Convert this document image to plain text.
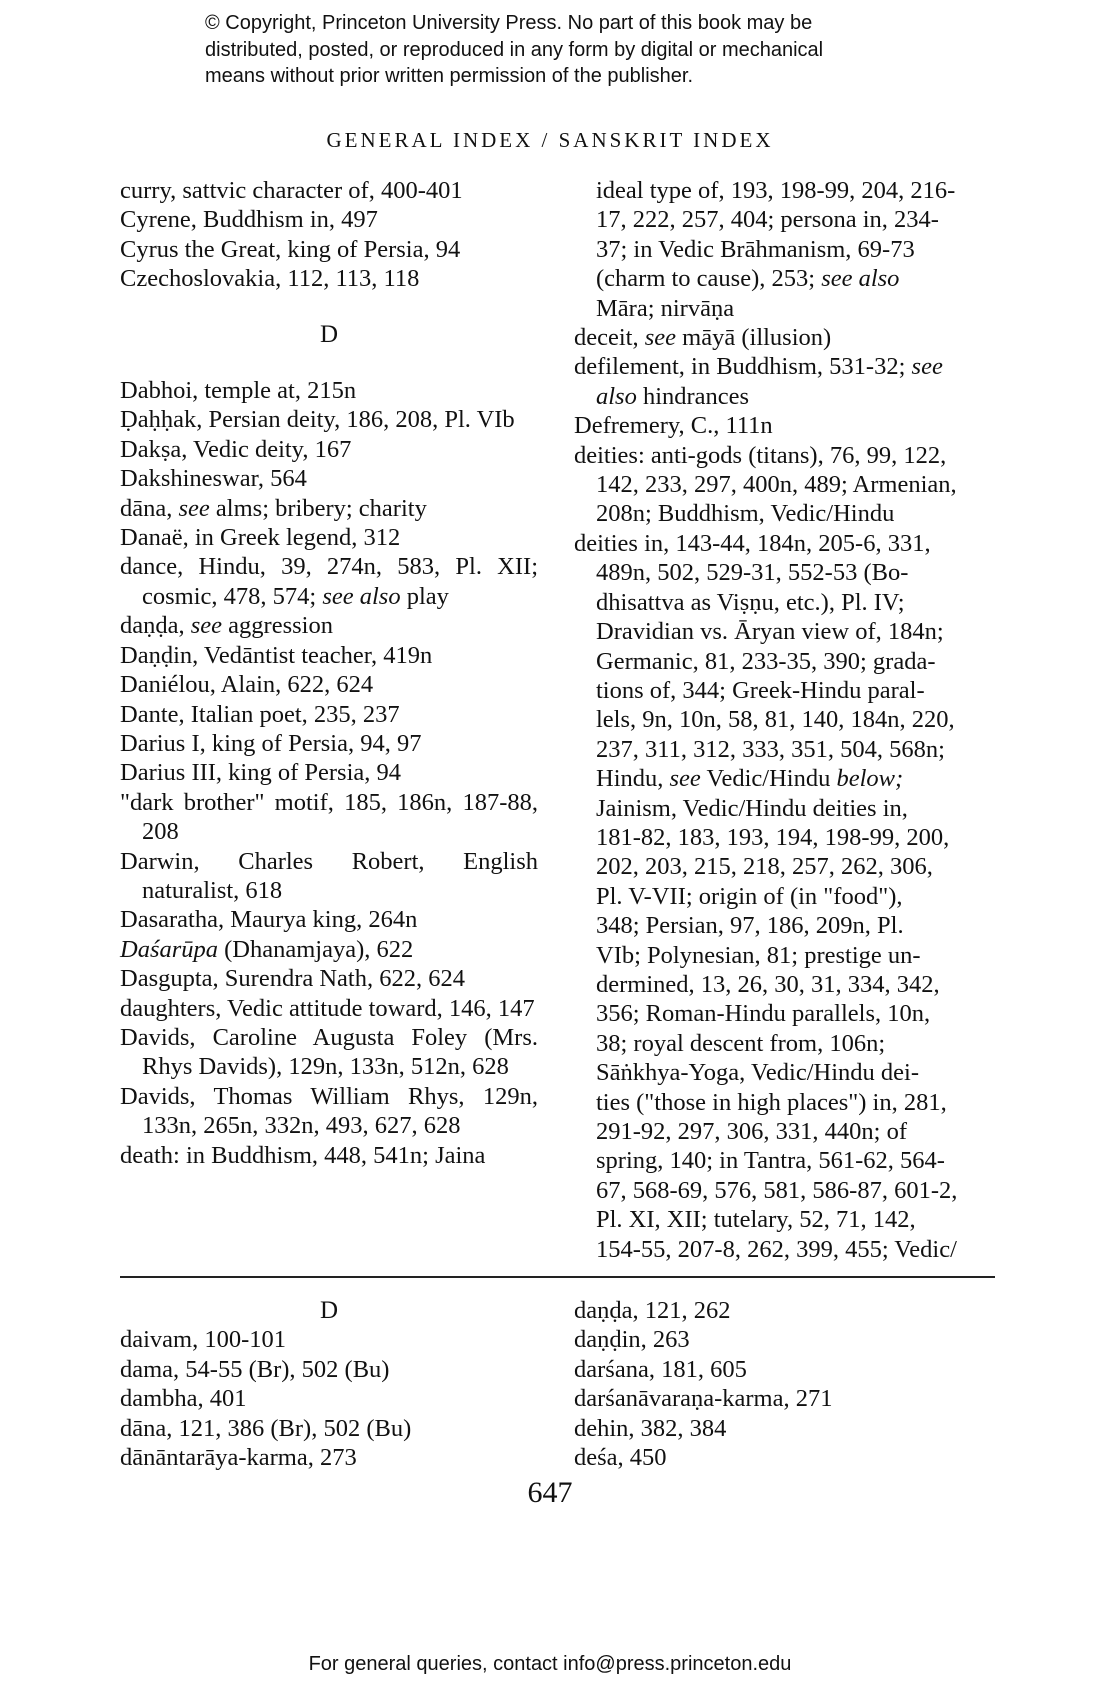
© Copyright, Princeton University Press. No part of this book may be
distributed, posted, or reproduced in any form by digital or mechanical
means without prior written permission of the publisher.
GENERAL INDEX / SANSKRIT INDEX
curry, sattvic character of, 400-401
Cyrene, Buddhism in, 497
Cyrus the Great, king of Persia, 94
Czechoslovakia, 112, 113, 118
D
Dabhoi, temple at, 215n
Ḍaḥḥak, Persian deity, 186, 208, Pl. VIb
Dakṣa, Vedic deity, 167
Dakshineswar, 564
dāna, see alms; bribery; charity
Danaë, in Greek legend, 312
dance, Hindu, 39, 274n, 583, Pl. XII; cosmic, 478, 574; see also play
daṇḍa, see aggression
Daṇḍin, Vedāntist teacher, 419n
Daniélou, Alain, 622, 624
Dante, Italian poet, 235, 237
Darius I, king of Persia, 94, 97
Darius III, king of Persia, 94
"dark brother" motif, 185, 186n, 187-88, 208
Darwin, Charles Robert, English naturalist, 618
Dasaratha, Maurya king, 264n
Daśarūpa (Dhanamjaya), 622
Dasgupta, Surendra Nath, 622, 624
daughters, Vedic attitude toward, 146, 147
Davids, Caroline Augusta Foley (Mrs. Rhys Davids), 129n, 133n, 512n, 628
Davids, Thomas William Rhys, 129n, 133n, 265n, 332n, 493, 627, 628
death: in Buddhism, 448, 541n; Jaina
ideal type of, 193, 198-99, 204, 216-
17, 222, 257, 404; persona in, 234-
37; in Vedic Brāhmanism, 69-73
(charm to cause), 253; see also
Māra; nirvāṇa
deceit, see māyā (illusion)
defilement, in Buddhism, 531-32; see
also hindrances
Defremery, C., 111n
deities: anti-gods (titans), 76, 99, 122,
142, 233, 297, 400n, 489; Armenian,
208n; Buddhism, Vedic/Hindu
deities in, 143-44, 184n, 205-6, 331,
489n, 502, 529-31, 552-53 (Bo-
dhisattva as Viṣṇu, etc.), Pl. IV;
Dravidian vs. Āryan view of, 184n;
Germanic, 81, 233-35, 390; grada-
tions of, 344; Greek-Hindu paral-
lels, 9n, 10n, 58, 81, 140, 184n, 220,
237, 311, 312, 333, 351, 504, 568n;
Hindu, see Vedic/Hindu below;
Jainism, Vedic/Hindu deities in,
181-82, 183, 193, 194, 198-99, 200,
202, 203, 215, 218, 257, 262, 306,
Pl. V-VII; origin of (in "food"),
348; Persian, 97, 186, 209n, Pl.
VIb; Polynesian, 81; prestige un-
dermined, 13, 26, 30, 31, 334, 342,
356; Roman-Hindu parallels, 10n,
38; royal descent from, 106n;
Sāṅkhya-Yoga, Vedic/Hindu dei-
ties ("those in high places") in, 281,
291-92, 297, 306, 331, 440n; of
spring, 140; in Tantra, 561-62, 564-
67, 568-69, 576, 581, 586-87, 601-2,
Pl. XI, XII; tutelary, 52, 71, 142,
154-55, 207-8, 262, 399, 455; Vedic/
D
daivam, 100-101
dama, 54-55 (Br), 502 (Bu)
dambha, 401
dāna, 121, 386 (Br), 502 (Bu)
dānāntarāya-karma, 273
daṇḍa, 121, 262
daṇḍin, 263
darśana, 181, 605
darśanāvaraṇa-karma, 271
dehin, 382, 384
deśa, 450
647
For general queries, contact info@press.princeton.edu
